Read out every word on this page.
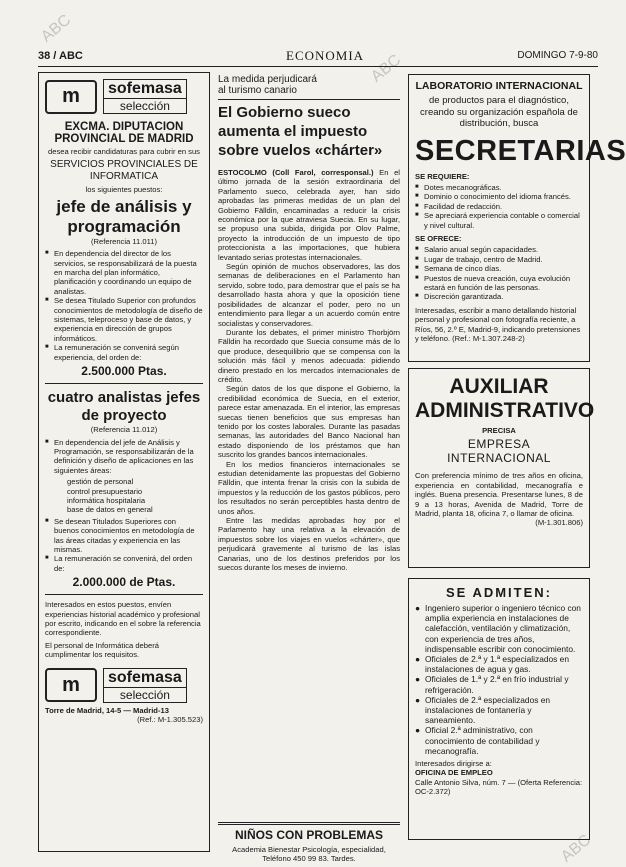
ABC
ABC
ABC
38 / ABC	ECONOMIA	DOMINGO 7-9-80
m	sofemasa
selección
EXCMA. DIPUTACION
PROVINCIAL DE MADRID
desea recibir candidaturas para cubrir en sus
SERVICIOS PROVINCIALES DE INFORMATICA
los siguientes puestos:
jefe de análisis y programación
(Referencia 11.011)
■ En dependencia del director de los servicios, se responsabilizará de la puesta en marcha del plan informático, planificación y coordinando un equipo de analistas.
■ Se desea Titulado Superior con profundos conocimientos de metodología de diseño de sistemas, teleproceso y base de datos, y experiencia en dirección de grupos informáticos.
■ La remuneración se convenirá según experiencia, del orden de:
2.500.000 Ptas.
cuatro analistas jefes de proyecto
(Referencia 11.012)
■ En dependencia del jefe de Análisis y Programación, se responsabilizarán de la definición y diseño de aplicaciones en las siguientes áreas:
gestión de personal
control presupuestario
informática hospitalaria
base de datos en general
■ Se desean Titulados Superiores con buenos conocimientos en metodología de las áreas citadas y experiencia en las mismas.
■ La remuneración se convenirá, del orden de:
2.000.000 de Ptas.
Interesados en estos puestos, envíen experiencias historial académico y profesional por escrito, indicando en el sobre la referencia correspondiente.
El personal de Informática deberá cumplimentar los requisitos.
m	sofemasa
selección
Torre de Madrid, 14-5 — Madrid-13
(Ref.: M-1.305.523)
La medida perjudicará
al turismo canario
El Gobierno sueco
aumenta el impuesto
sobre vuelos «chárter»

ESTOCOLMO (Coll Farol, corresponsal.) En el último jornada de la sesión extraordinaria del Parlamento sueco, celebrada ayer, han sido aprobadas las primeras medidas de un plan del Gobierno Fälldin, encaminadas a reducir la crisis económica por la que atraviesa Suecia. En su lugar, se propuso una subida, dirigida por Olov Palme, proyecto la introducción de un impuesto de tipo proteccionista a las importaciones, que hubiera levantado serias protestas internacionales.

Según opinión de muchos observadores, las dos semanas de deliberaciones en el Parlamento han servido, sobre todo, para demostrar que el país se ha desarrollado hasta ahora y que la oposición tiene posibilidades de alcanzar el poder, pero no un entendimiento para llegar a un acuerdo común entre socialistas y conservadores.

Durante los debates, el primer ministro Thorbjörn Fälldin ha recordado que Suecia consume más de lo que produce, desequilibrio que se compensa con la solución más fácil y menos adecuada: pidiendo dinero prestado en los mercados internacionales de crédito.

Según datos de los que dispone el Gobierno, la credibilidad económica de Suecia, en el exterior, parece estar amenazada. En el interior, las empresas suecas tienen beneficios que sus empresas han tenido por los costes laborales. Durante las pasadas semanas, las autoridades del Banco Nacional han estado disponiendo de los préstamos que han suscrito los grandes bancos internacionales.

En los medios financieros internacionales se estudian detenidamente las propuestas del Gobierno Fälldin, que intenta frenar la crisis con la subida de impuestos y la reducción de los gastos públicos, pero los resultados no serán perceptibles hasta dentro de unos años.

Entre las medidas aprobadas hoy por el Parlamento hay una relativa a la elevación de impuestos sobre los viajes en vuelos «chárter», que perjudicará gravemente al turismo de las islas Canarias, uno de los destinos preferidos por los suecos durante los meses de invierno.

NIÑOS CON PROBLEMAS
Academia Bienestar Psicología, especialidad, Teléfono 450 99 83. Tardes.
LABORATORIO INTERNACIONAL
de productos para el diagnóstico, creando su organización española de distribución, busca
SECRETARIAS
SE REQUIERE:
■ Dotes mecanográficas.
■ Dominio o conocimiento del idioma francés.
■ Facilidad de redacción.
■ Se apreciará experiencia contable o comercial y nivel cultural.
SE OFRECE:
■ Salario anual según capacidades.
■ Lugar de trabajo, centro de Madrid.
■ Semana de cinco días.
■ Puestos de nueva creación, cuya evolución estará en función de las personas.
■ Discreción garantizada.
Interesadas, escribir a mano detallando historial personal y profesional con fotografía reciente, a Ríos, 56, 2.º E, Madrid-9, indicando pretensiones y teléfono. (Ref.: M-1.307.248-2)
AUXILIAR
ADMINISTRATIVO
PRECISA
EMPRESA INTERNACIONAL
Con preferencia mínimo de tres años en oficina, experiencia en contabilidad, mecanografía e inglés. Buena presencia. Presentarse lunes, 8 de 9 a 13 horas, Avenida de Madrid, Torre de Madrid, planta 18, oficina 7, o llamar de oficina.
(M-1.301.806)
SE ADMITEN:
● Ingeniero superior o ingeniero técnico con amplia experiencia en instalaciones de calefacción, ventilación y climatización, con experiencia de tres años, indispensable escribir con conocimiento.
● Oficiales de 2.ª y 1.ª especializados en instalaciones de agua y gas.
● Oficiales de 1.ª y 2.ª en frío industrial y refrigeración.
● Oficiales de 2.ª especializados en instalaciones de fontanería y saneamiento.
● Oficial 2.ª administrativo, con conocimiento de contabilidad y mecanografía.
Interesados dirigirse a:
OFICINA DE EMPLEO
Calle Antonio Silva, núm. 7 — (Oferta Referencia: OC-2.372)
